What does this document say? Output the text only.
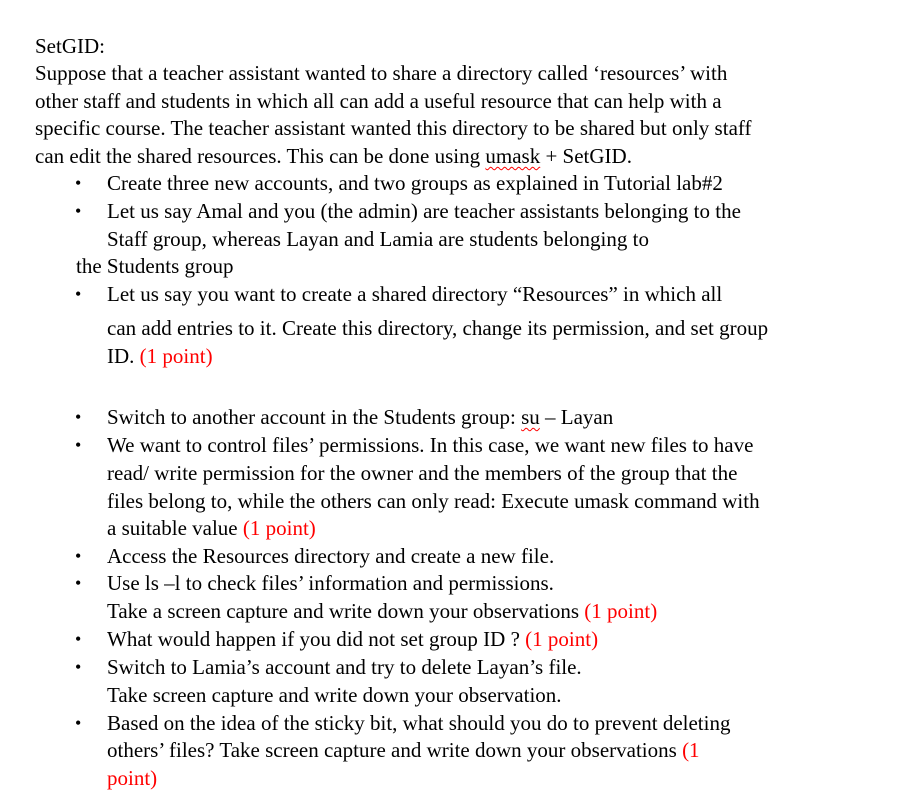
SetGID:
Suppose that a teacher assistant wanted to share a directory called ‘resources’ with
other staff and students in which all can add a useful resource that can help with a
specific course. The teacher assistant wanted this directory to be shared but only staff
can edit the shared resources. This can be done using umask + SetGID.
• Create three new accounts, and two groups as explained in Tutorial lab#2
• Let us say Amal and you (the admin) are teacher assistants belonging to the
Staff group, whereas Layan and Lamia are students belonging to
the Students group
• Let us say you want to create a shared directory “Resources” in which all
can add entries to it. Create this directory, change its permission, and set group
ID. (1 point)
• Switch to another account in the Students group: su – Layan
• We want to control files’ permissions. In this case, we want new files to have
read/ write permission for the owner and the members of the group that the
files belong to, while the others can only read: Execute umask command with
a suitable value (1 point)
• Access the Resources directory and create a new file.
• Use ls –l to check files’ information and permissions.
Take a screen capture and write down your observations (1 point)
• What would happen if you did not set group ID ? (1 point)
• Switch to Lamia’s account and try to delete Layan’s file.
Take screen capture and write down your observation.
• Based on the idea of the sticky bit, what should you do to prevent deleting
others’ files? Take screen capture and write down your observations (1
point)
